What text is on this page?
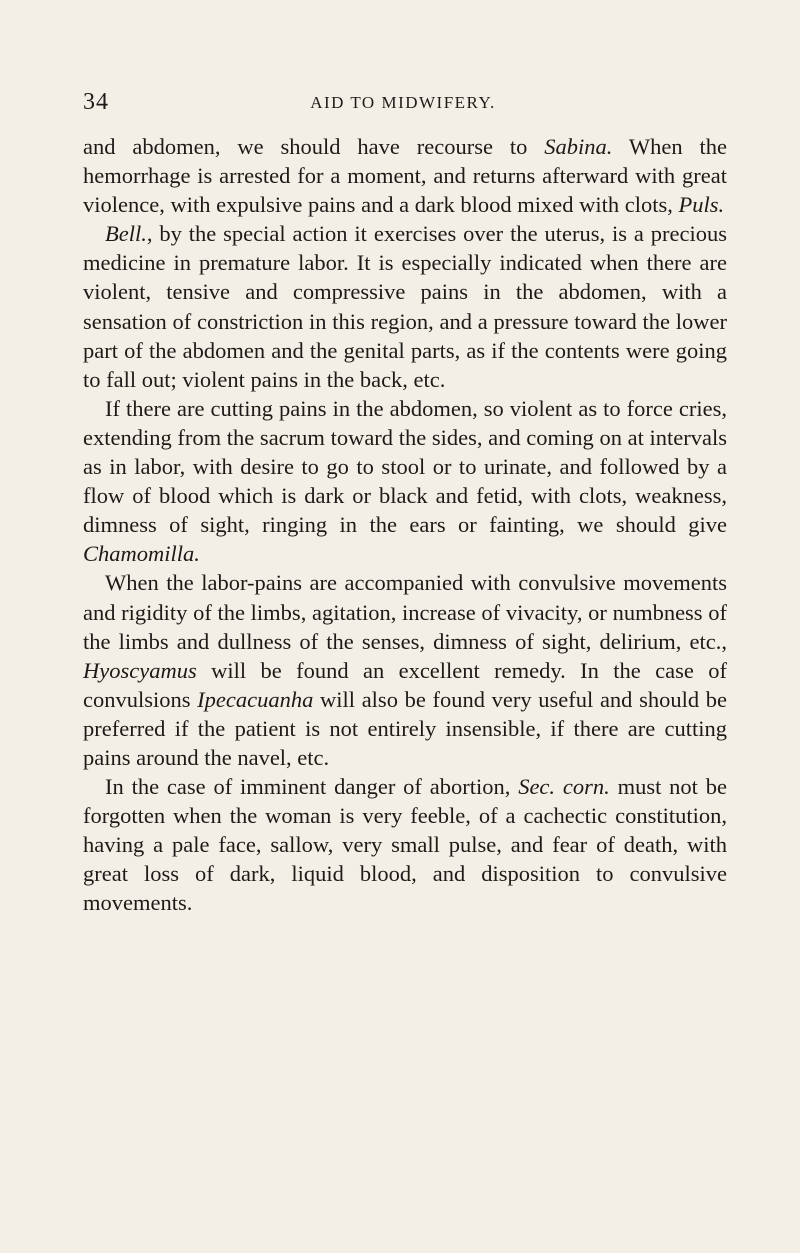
34	AID TO MIDWIFERY.

and abdomen, we should have recourse to Sabina. When the hemorrhage is arrested for a moment, and returns afterward with great violence, with expulsive pains and a dark blood mixed with clots, Puls.

Bell., by the special action it exercises over the uterus, is a precious medicine in premature labor. It is especially indicated when there are violent, tensive and compressive pains in the abdomen, with a sensation of constriction in this region, and a pressure toward the lower part of the abdomen and the genital parts, as if the contents were going to fall out; violent pains in the back, etc.

If there are cutting pains in the abdomen, so violent as to force cries, extending from the sacrum toward the sides, and coming on at intervals as in labor, with desire to go to stool or to urinate, and followed by a flow of blood which is dark or black and fetid, with clots, weakness, dimness of sight, ringing in the ears or fainting, we should give Chamomilla.

When the labor-pains are accompanied with convulsive movements and rigidity of the limbs, agitation, increase of vivacity, or numbness of the limbs and dullness of the senses, dimness of sight, delirium, etc., Hyoscyamus will be found an excellent remedy. In the case of convulsions Ipecacuanha will also be found very useful and should be preferred if the patient is not entirely insensible, if there are cutting pains around the navel, etc.

In the case of imminent danger of abortion, Sec. corn. must not be forgotten when the woman is very feeble, of a cachectic constitution, having a pale face, sallow, very small pulse, and fear of death, with great loss of dark, liquid blood, and disposition to convulsive movements.
